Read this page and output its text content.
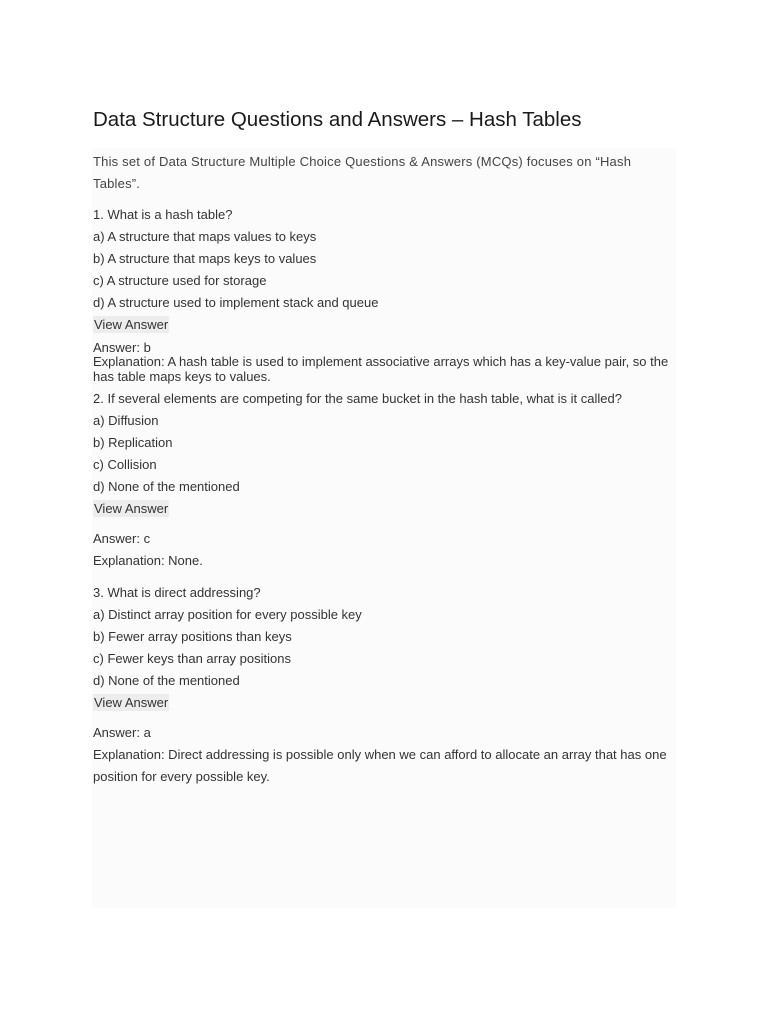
Data Structure Questions and Answers – Hash Tables
This set of Data Structure Multiple Choice Questions & Answers (MCQs) focuses on “Hash Tables”.
1. What is a hash table?
a) A structure that maps values to keys
b) A structure that maps keys to values
c) A structure used for storage
d) A structure used to implement stack and queue
View Answer
Answer: b
Explanation: A hash table is used to implement associative arrays which has a key-value pair, so the has table maps keys to values.
2. If several elements are competing for the same bucket in the hash table, what is it called?
a) Diffusion
b) Replication
c) Collision
d) None of the mentioned
View Answer
Answer: c
Explanation: None.
3. What is direct addressing?
a) Distinct array position for every possible key
b) Fewer array positions than keys
c) Fewer keys than array positions
d) None of the mentioned
View Answer
Answer: a
Explanation: Direct addressing is possible only when we can afford to allocate an array that has one position for every possible key.
